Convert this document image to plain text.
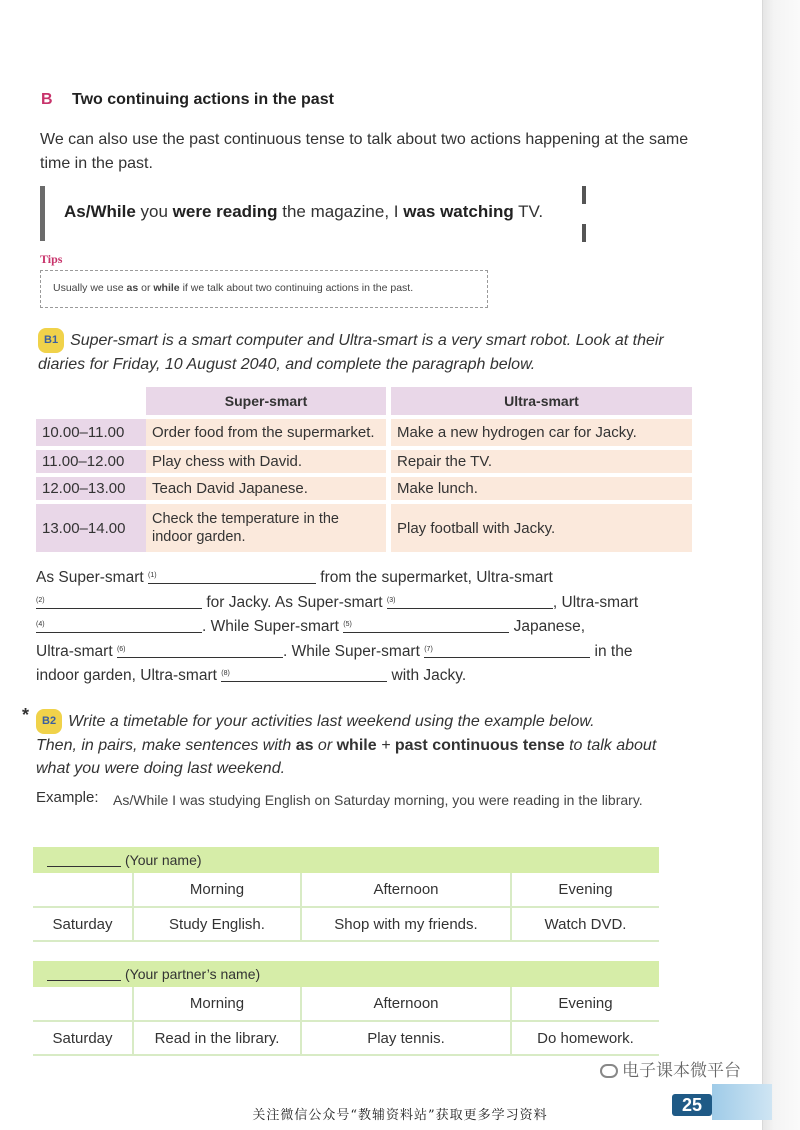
B Two continuing actions in the past
We can also use the past continuous tense to talk about two actions happening at the same time in the past.
As/While you were reading the magazine, I was watching TV.
Tips
Usually we use as or while if we talk about two continuing actions in the past.
B1 Super-smart is a smart computer and Ultra-smart is a very smart robot. Look at their diaries for Friday, 10 August 2040, and complete the paragraph below.
	Super-smart		Ultra-smart
10.00–11.00	Order food from the supermarket.		Make a new hydrogen car for Jacky.
11.00–12.00	Play chess with David.		Repair the TV.
12.00–13.00	Teach David Japanese.		Make lunch.
13.00–14.00	Check the temperature in the indoor garden.		Play football with Jacky.
As Super-smart (1)	from the supermarket, Ultra-smart

(2)	for Jacky. As Super-smart (3)	, Ultra-smart

(4)	. While Super-smart (5)	Japanese,
Ultra-smart (6)	. While Super-smart (7)	in the
indoor garden, Ultra-smart (8)	with Jacky.
*	B2 Write a timetable for your activities last weekend using the example below.
Then, in pairs, make sentences with as or while + past continuous tense to talk about
what you were doing last weekend.
Example: As/While I was studying English on Saturday morning, you were reading in the library.
(Your name)			
	Morning	Afternoon	Evening
Saturday	Study English.	Shop with my friends.	Watch DVD.
(Your partner’s name)			
	Morning	Afternoon	Evening
Saturday	Read in the library.	Play tennis.	Do homework.
电子课本微平台
25
关注微信公众号“教辅资料站”获取更多学习资料
